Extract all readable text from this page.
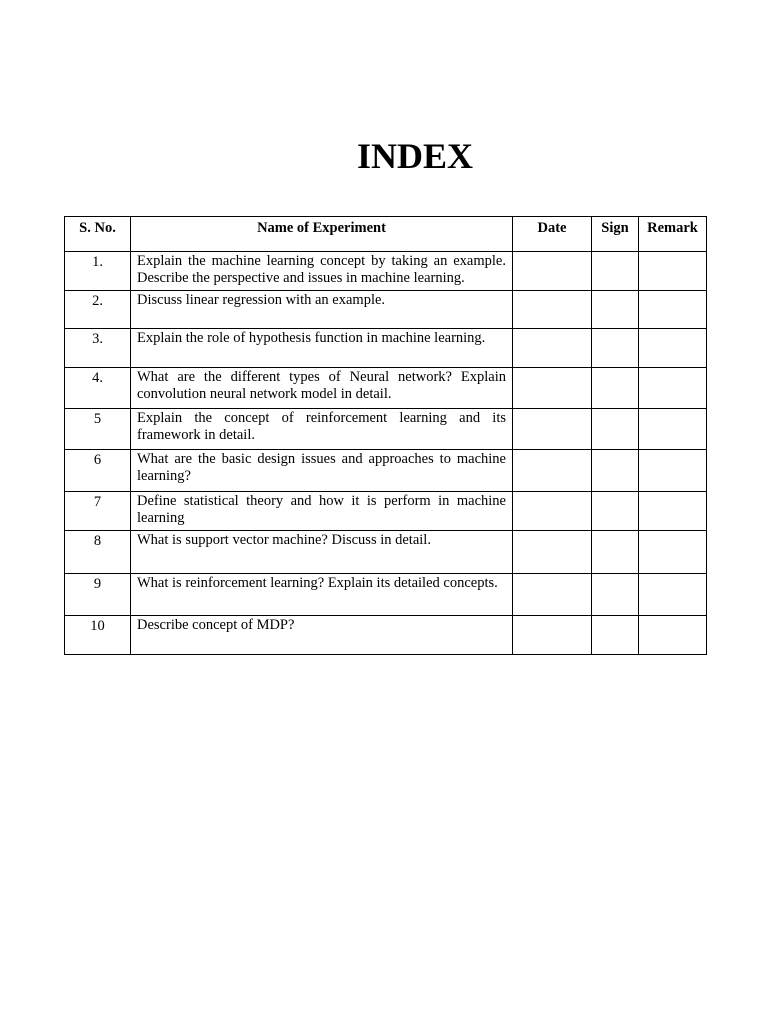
INDEX
S. No.	Name of Experiment	Date	Sign	Remark
1.	Explain the machine learning concept by taking an example. Describe the perspective and issues in machine learning.			
2.	Discuss linear regression with an example.			
3.	Explain the role of hypothesis function in machine learning.			
4.	What are the different types of Neural network? Explain convolution neural network model in detail.			
5	Explain the concept of reinforcement learning and its framework in detail.			
6	What are the basic design issues and approaches to machine learning?			
7	Define statistical theory and how it is perform in machine learning			
8	What is support vector machine? Discuss in detail.			
9	What is reinforcement learning? Explain its detailed concepts.			
10	Describe concept of MDP?			
